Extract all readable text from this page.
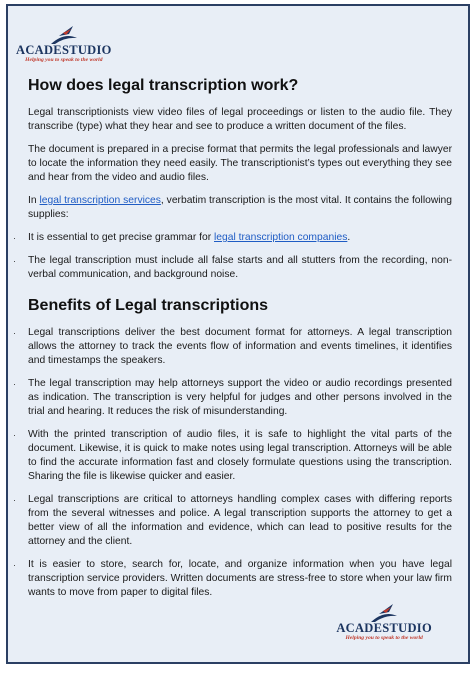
ACADESTUDIO
Helping you to speak to the world
How does legal transcription work?

Legal transcriptionists view video files of legal proceedings or listen to the audio file. They transcribe (type) what they hear and see to produce a written document of the files.

The document is prepared in a precise format that permits the legal professionals and lawyer to locate the information they need easily. The transcriptionist’s types out everything they see and hear from the video and audio files.

In legal transcription services, verbatim transcription is the most vital. It contains the following supplies:

· It is essential to get precise grammar for legal transcription companies.
· The legal transcription must include all false starts and all stutters from the recording, non-verbal communication, and background noise.
Benefits of Legal transcriptions
· Legal transcriptions deliver the best document format for attorneys. A legal transcription allows the attorney to track the events flow of information and events timelines, it identifies and timestamps the speakers.
· The legal transcription may help attorneys support the video or audio recordings presented as indication. The transcription is very helpful for judges and other persons involved in the trial and hearing. It reduces the risk of misunderstanding.
· With the printed transcription of audio files, it is safe to highlight the vital parts of the document. Likewise, it is quick to make notes using legal transcription. Attorneys will be able to find the accurate information fast and closely formulate questions using the transcription. Sharing the file is likewise quicker and easier.
· Legal transcriptions are critical to attorneys handling complex cases with differing reports from the several witnesses and police. A legal transcription supports the attorney to get a better view of all the information and evidence, which can lead to positive results for the attorney and the client.
· It is easier to store, search for, locate, and organize information when you have legal transcription service providers. Written documents are stress-free to store when your law firm wants to move from paper to digital files.
ACADESTUDIO
Helping you to speak to the world
